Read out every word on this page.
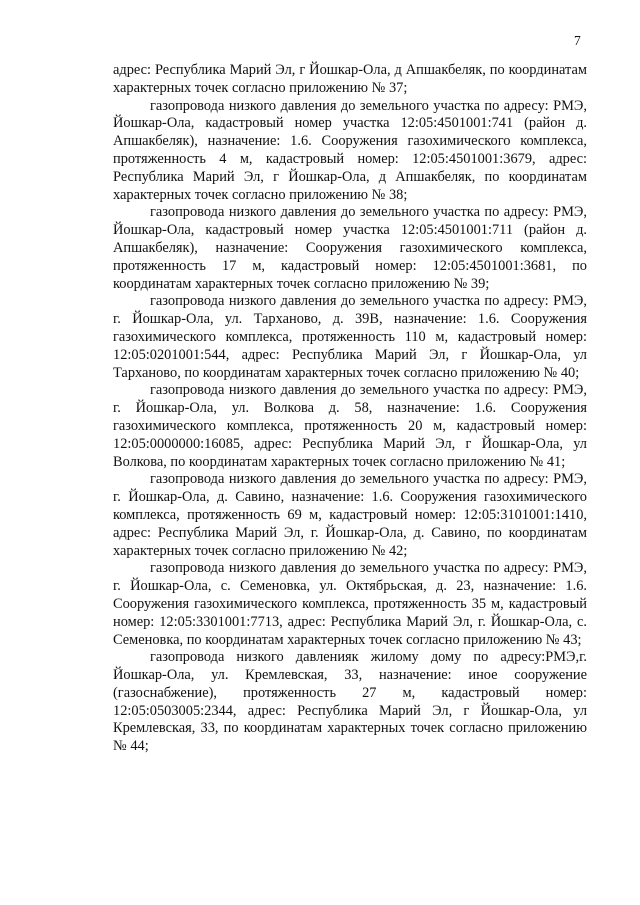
7

адрес: Республика Марий Эл, г Йошкар-Ола, д Апшакбеляк, по координатам характерных точек согласно приложению № 37;

газопровода низкого давления до земельного участка по адресу: РМЭ, Йошкар-Ола, кадастровый номер участка 12:05:4501001:741 (район д. Апшакбеляк), назначение: 1.6. Сооружения газохимического комплекса, протяженность 4 м, кадастровый номер: 12:05:4501001:3679, адрес: Республика Марий Эл, г Йошкар-Ола, д Апшакбеляк, по координатам характерных точек согласно приложению № 38;

газопровода низкого давления до земельного участка по адресу: РМЭ, Йошкар-Ола, кадастровый номер участка 12:05:4501001:711 (район д. Апшакбеляк), назначение: Сооружения газохимического комплекса, протяженность 17 м, кадастровый номер: 12:05:4501001:3681, по координатам характерных точек согласно приложению № 39;

газопровода низкого давления до земельного участка по адресу: РМЭ, г. Йошкар-Ола, ул. Тарханово, д. 39В, назначение: 1.6. Сооружения газохимического комплекса, протяженность 110 м, кадастровый номер: 12:05:0201001:544, адрес: Республика Марий Эл, г Йошкар-Ола, ул Тарханово, по координатам характерных точек согласно приложению № 40;

газопровода низкого давления до земельного участка по адресу: РМЭ, г. Йошкар-Ола, ул. Волкова д. 58, назначение: 1.6. Сооружения газохимического комплекса, протяженность 20 м, кадастровый номер: 12:05:0000000:16085, адрес: Республика Марий Эл, г Йошкар-Ола, ул Волкова, по координатам характерных точек согласно приложению № 41;

газопровода низкого давления до земельного участка по адресу: РМЭ, г. Йошкар-Ола, д. Савино, назначение: 1.6. Сооружения газохимического комплекса, протяженность 69 м, кадастровый номер: 12:05:3101001:1410, адрес: Республика Марий Эл, г. Йошкар-Ола, д. Савино, по координатам характерных точек согласно приложению № 42;

газопровода низкого давления до земельного участка по адресу: РМЭ, г. Йошкар-Ола, с. Семеновка, ул. Октябрьская, д. 23, назначение: 1.6. Сооружения газохимического комплекса, протяженность 35 м, кадастровый номер: 12:05:3301001:7713, адрес: Республика Марий Эл, г. Йошкар-Ола, с. Семеновка, по координатам характерных точек согласно приложению № 43;

газопровода низкого давленияк жилому дому по адресу:РМЭ,г. Йошкар-Ола, ул. Кремлевская, 33, назначение: иное сооружение (газоснабжение), протяженность 27 м, кадастровый номер: 12:05:0503005:2344, адрес: Республика Марий Эл, г Йошкар-Ола, ул Кремлевская, 33, по координатам характерных точек согласно приложению № 44;
